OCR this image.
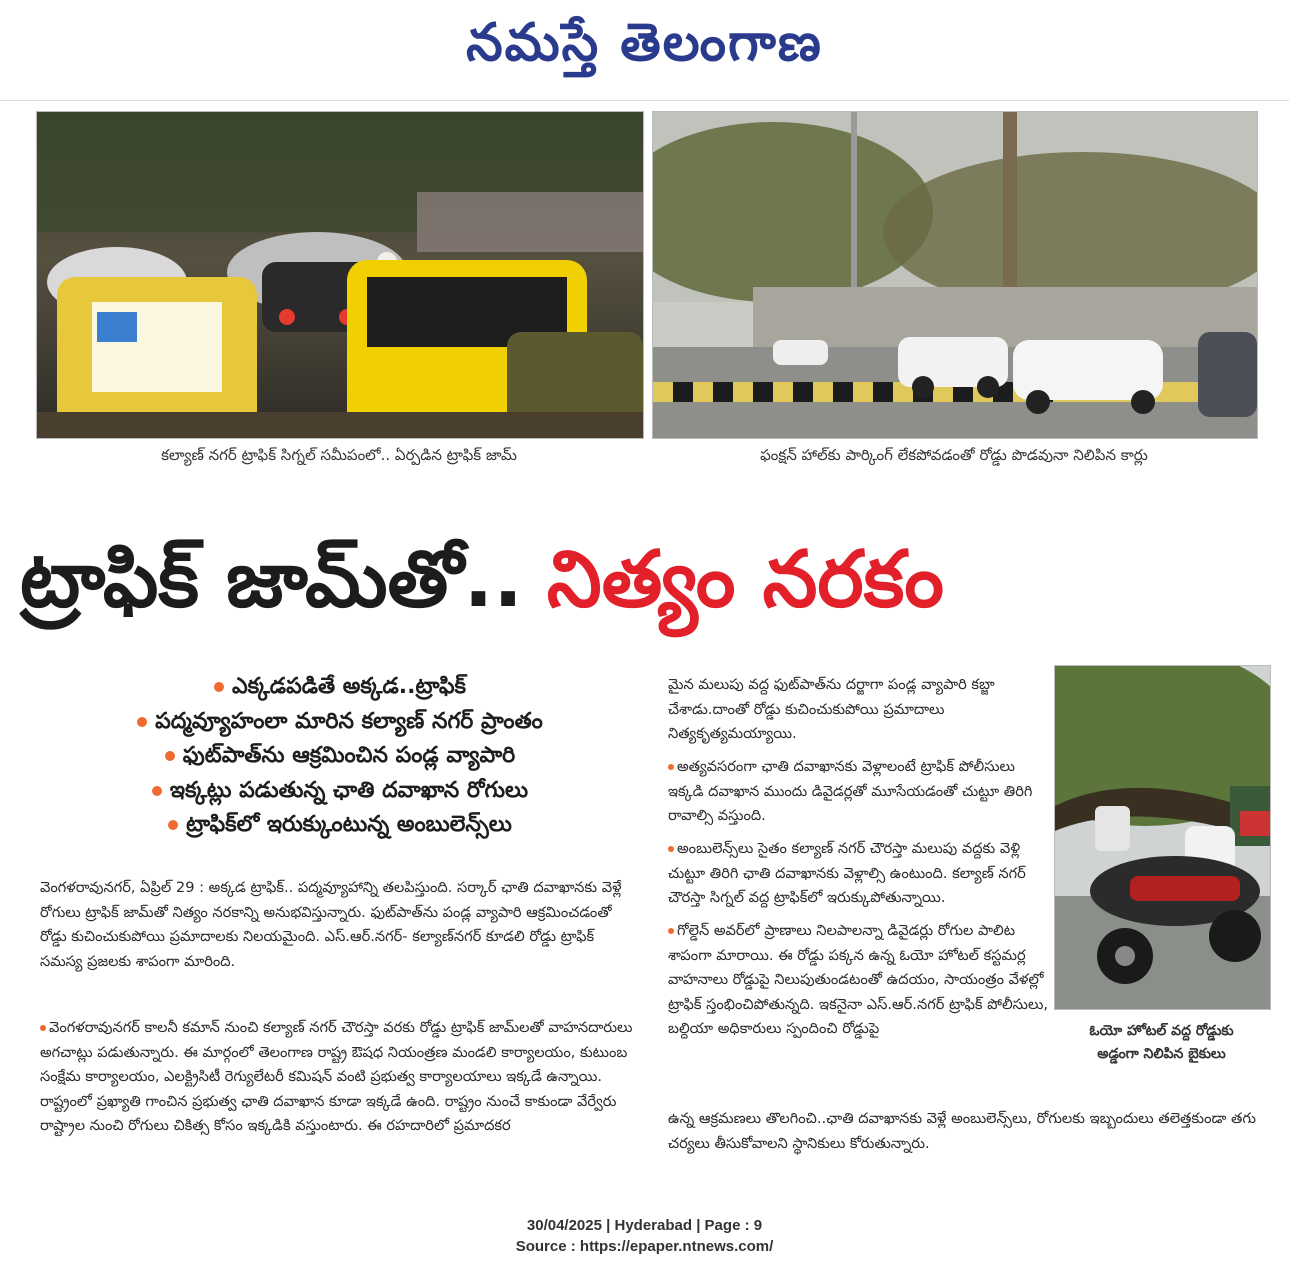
నమస్తే తెలంగాణ
కల్యాణ్ నగర్ ట్రాఫిక్ సిగ్నల్ సమీపంలో.. ఏర్పడిన ట్రాఫిక్ జామ్	ఫంక్షన్ హాల్‌కు పార్కింగ్ లేకపోవడంతో రోడ్డు పొడవునా నిలిపిన కార్లు
ట్రాఫిక్ జామ్‌తో.. నిత్యం నరకం
ఎక్కడపడితే అక్కడ..ట్రాఫిక్
పద్మవ్యూహంలా మారిన కల్యాణ్ నగర్ ప్రాంతం
ఫుట్‌పాత్‌ను ఆక్రమించిన పండ్ల వ్యాపారి
ఇక్కట్లు పడుతున్న ఛాతి దవాఖాన రోగులు
ట్రాఫిక్‌లో ఇరుక్కుంటున్న అంబులెన్స్‌లు
వెంగళరావునగర్, ఏప్రిల్ 29 : అక్కడ ట్రాఫిక్.. పద్మవ్యూహాన్ని తలపిస్తుంది. సర్కార్ ఛాతి దవాఖానకు వెళ్లే రోగులు ట్రాఫిక్ జామ్‌తో నిత్యం నరకాన్ని అనుభవిస్తున్నారు. ఫుట్‌పాత్‌ను పండ్ల వ్యాపారి ఆక్రమించడంతో రోడ్డు కుచించుకుపోయి ప్రమాదాలకు నిలయమైంది. ఎస్.ఆర్.నగర్- కల్యాణ్‌నగర్ కూడలి రోడ్డు ట్రాఫిక్ సమస్య ప్రజలకు శాపంగా మారింది.
వెంగళరావునగర్ కాలనీ కమాన్ నుంచి కల్యాణ్ నగర్ చౌరస్తా వరకు రోడ్డు ట్రాఫిక్ జామ్‌లతో వాహనదారులు అగచాట్లు పడుతున్నారు. ఈ మార్గంలో తెలంగాణ రాష్ట్ర ఔషధ నియంత్రణ మండలి కార్యాలయం, కుటుంబ సంక్షేమ కార్యాలయం, ఎలక్ట్రిసిటీ రెగ్యులేటరీ కమిషన్ వంటి ప్రభుత్వ కార్యాలయాలు ఇక్కడే ఉన్నాయి. రాష్ట్రంలో ప్రఖ్యాతి గాంచిన ప్రభుత్వ ఛాతి దవాఖాన కూడా ఇక్కడే ఉంది. రాష్ట్రం నుంచే కాకుండా వేర్వేరు రాష్ట్రాల నుంచి రోగులు చికిత్స కోసం ఇక్కడికి వస్తుంటారు. ఈ రహదారిలో ప్రమాదకర
మైన మలుపు వద్ద ఫుట్‌పాత్‌ను దర్జాగా పండ్ల వ్యాపారి కబ్జా చేశాడు.దాంతో రోడ్డు కుచించుకుపోయి ప్రమాదాలు నిత్యకృత్యమయ్యాయి.
అత్యవసరంగా ఛాతి దవాఖానకు వెళ్లాలంటే ట్రాఫిక్ పోలీసులు ఇక్కడి దవాఖాన ముందు డివైడర్లతో మూసేయడంతో చుట్టూ తిరిగి రావాల్సి వస్తుంది.
అంబులెన్స్‌లు సైతం కల్యాణ్ నగర్ చౌరస్తా మలుపు వద్దకు వెళ్లి చుట్టూ తిరిగి ఛాతి దవాఖానకు వెళ్లాల్సి ఉంటుంది. కల్యాణ్ నగర్ చౌరస్తా సిగ్నల్ వద్ద ట్రాఫిక్‌లో ఇరుక్కుపోతున్నాయి.
గోల్డెన్ అవర్‌లో ప్రాణాలు నిలపాలన్నా డివైడర్లు రోగుల పాలిట శాపంగా మారాయి. ఈ రోడ్డు పక్కన ఉన్న ఓయో హోటల్ కస్టమర్ల వాహనాలు రోడ్డుపై నిలుపుతుండటంతో ఉదయం, సాయంత్రం వేళల్లో ట్రాఫిక్ స్తంభించిపోతున్నది. ఇకనైనా ఎస్.ఆర్.నగర్ ట్రాఫిక్ పోలీసులు, బల్దియా అధికారులు స్పందించి రోడ్డుపై
ఉన్న ఆక్రమణలు తొలగించి..ఛాతి దవాఖానకు వెళ్లే అంబులెన్స్‌లు, రోగులకు ఇబ్బందులు తలెత్తకుండా తగు చర్యలు తీసుకోవాలని స్థానికులు కోరుతున్నారు.
ఓయో హోటల్ వద్ద రోడ్డుకు
అడ్డంగా నిలిపిన బైకులు
30/04/2025 | Hyderabad | Page : 9
Source : https://epaper.ntnews.com/
